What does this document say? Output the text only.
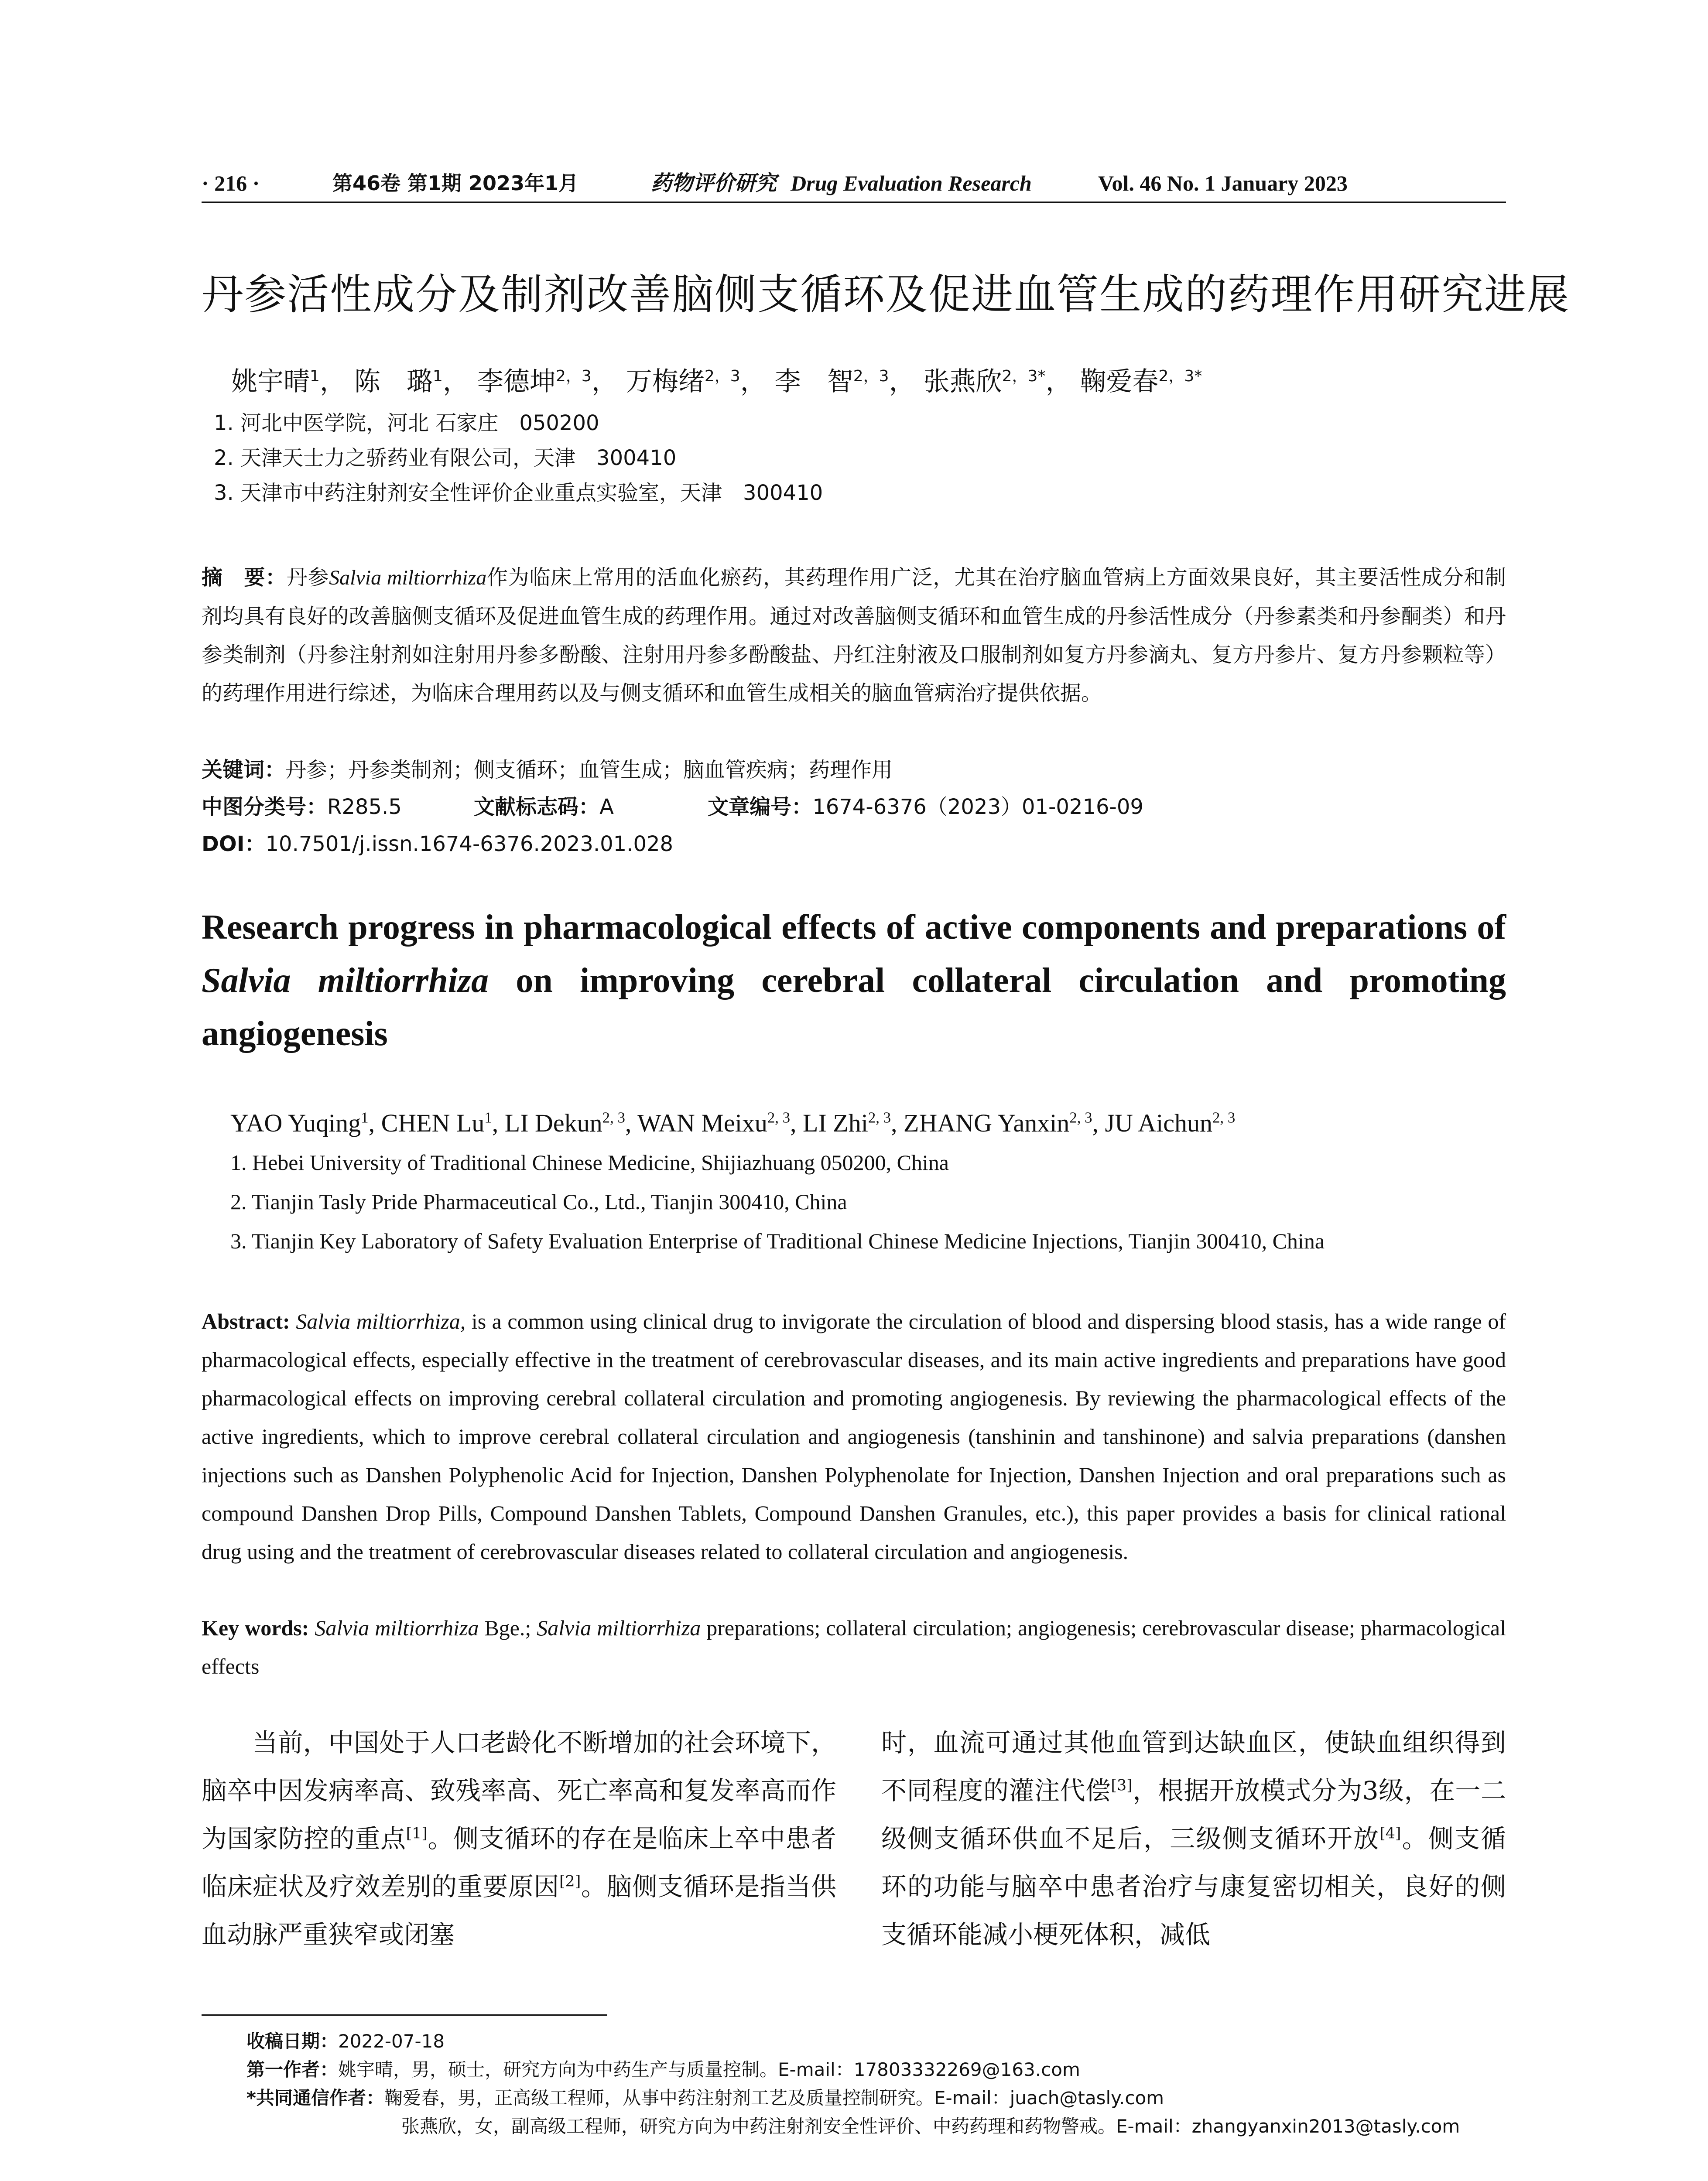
· 216 ·	第46卷 第1期 2023年1月	药物评价研究 Drug Evaluation Research	Vol. 46 No. 1 January 2023
丹参活性成分及制剂改善脑侧支循环及促进血管生成的药理作用研究进展
姚宇晴$^1$， 陈　璐$^1$， 李德坤$^{2,3}$， 万梅绪$^{2,3}$， 李　智$^{2,3}$， 张燕欣$^{2,3*}$， 鞠爱春$^{2,3*}$
1. 河北中医学院，河北 石家庄　050200
2. 天津天士力之骄药业有限公司，天津　300410
3. 天津市中药注射剂安全性评价企业重点实验室，天津　300410
摘　要：丹参Salvia miltiorrhiza作为临床上常用的活血化瘀药，其药理作用广泛，尤其在治疗脑血管病上方面效果良好，其主要活性成分和制剂均具有良好的改善脑侧支循环及促进血管生成的药理作用。通过对改善脑侧支循环和血管生成的丹参活性成分（丹参素类和丹参酮类）和丹参类制剂（丹参注射剂如注射用丹参多酚酸、注射用丹参多酚酸盐、丹红注射液及口服制剂如复方丹参滴丸、复方丹参片、复方丹参颗粒等）的药理作用进行综述，为临床合理用药以及与侧支循环和血管生成相关的脑血管病治疗提供依据。
关键词：丹参；丹参类制剂；侧支循环；血管生成；脑血管疾病；药理作用
中图分类号：R285.5	文献标志码：A	文章编号：1674-6376（2023）01-0216-09
DOI：10.7501/j.issn.1674-6376.2023.01.028
Research progress in pharmacological effects of active components and preparations of Salvia miltiorrhiza on improving cerebral collateral circulation and promoting angiogenesis
YAO Yuqing$^1$, CHEN Lu$^1$, LI Dekun$^{2, 3}$, WAN Meixu$^{2, 3}$, LI Zhi$^{2, 3}$, ZHANG Yanxin$^{2, 3}$, JU Aichun$^{2, 3}$
1. Hebei University of Traditional Chinese Medicine, Shijiazhuang 050200, China
2. Tianjin Tasly Pride Pharmaceutical Co., Ltd., Tianjin 300410, China
3. Tianjin Key Laboratory of Safety Evaluation Enterprise of Traditional Chinese Medicine Injections, Tianjin 300410, China
Abstract: Salvia miltiorrhiza, is a common using clinical drug to invigorate the circulation of blood and dispersing blood stasis, has a wide range of pharmacological effects, especially effective in the treatment of cerebrovascular diseases, and its main active ingredients and preparations have good pharmacological effects on improving cerebral collateral circulation and promoting angiogenesis. By reviewing the pharmacological effects of the active ingredients, which to improve cerebral collateral circulation and angiogenesis (tanshinin and tanshinone) and salvia preparations (danshen injections such as Danshen Polyphenolic Acid for Injection, Danshen Polyphenolate for Injection, Danshen Injection and oral preparations such as compound Danshen Drop Pills, Compound Danshen Tablets, Compound Danshen Granules, etc.), this paper provides a basis for clinical rational drug using and the treatment of cerebrovascular diseases related to collateral circulation and angiogenesis.
Key words: Salvia miltiorrhiza Bge.; Salvia miltiorrhiza preparations; collateral circulation; angiogenesis; cerebrovascular disease; pharmacological effects
当前，中国处于人口老龄化不断增加的社会环境下，脑卒中因发病率高、致残率高、死亡率高和复发率高而作为国家防控的重点[1]。侧支循环的存在是临床上卒中患者临床症状及疗效差别的重要原因[2]。脑侧支循环是指当供血动脉严重狭窄或闭塞
时，血流可通过其他血管到达缺血区，使缺血组织得到不同程度的灌注代偿[3]，根据开放模式分为3级，在一二级侧支循环供血不足后，三级侧支循环开放[4]。侧支循环的功能与脑卒中患者治疗与康复密切相关，良好的侧支循环能减小梗死体积，减低
收稿日期：2022-07-18
第一作者：姚宇晴，男，硕士，研究方向为中药生产与质量控制。E-mail：17803332269@163.com
*共同通信作者：鞠爱春，男，正高级工程师，从事中药注射剂工艺及质量控制研究。E-mail：juach@tasly.com
张燕欣，女，副高级工程师，研究方向为中药注射剂安全性评价、中药药理和药物警戒。E-mail：zhangyanxin2013@tasly.com
